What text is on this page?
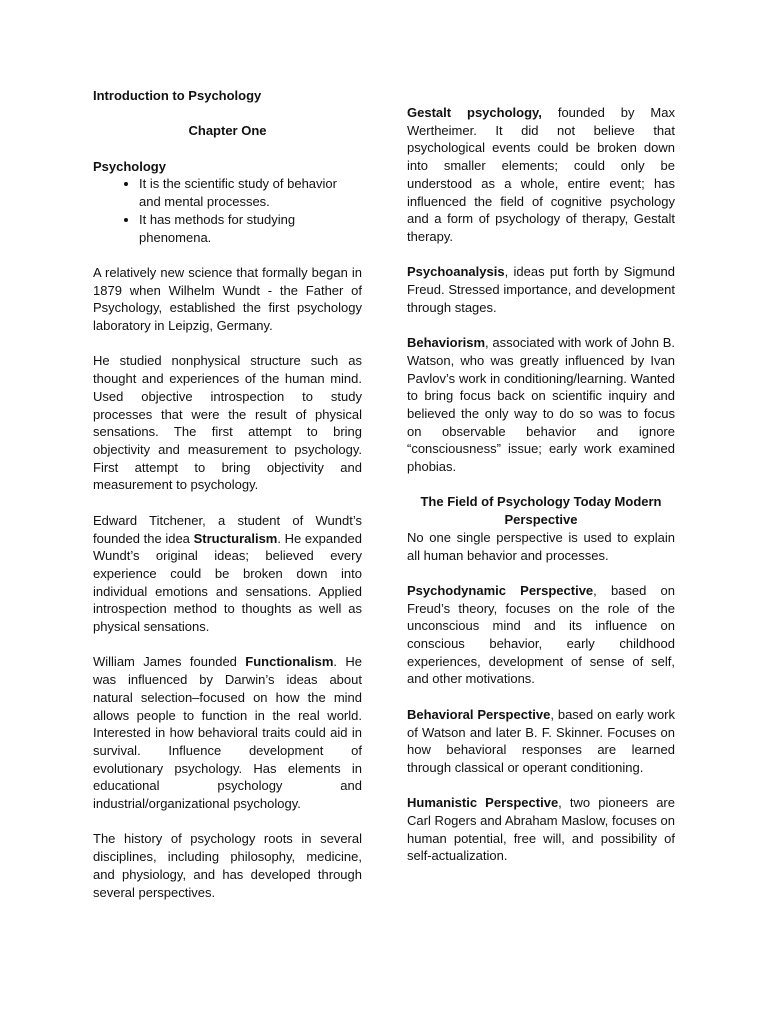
Introduction to Psychology
Chapter One
Psychology
• It is the scientific study of behavior and mental processes.
• It has methods for studying phenomena.

A relatively new science that formally began in 1879 when Wilhelm Wundt - the Father of Psychology, established the first psychology laboratory in Leipzig, Germany.

He studied nonphysical structure such as thought and experiences of the human mind. Used objective introspection to study processes that were the result of physical sensations. The first attempt to bring objectivity and measurement to psychology. First attempt to bring objectivity and measurement to psychology.

Edward Titchener, a student of Wundt’s founded the idea Structuralism. He expanded Wundt’s original ideas; believed every experience could be broken down into individual emotions and sensations. Applied introspection method to thoughts as well as physical sensations.

William James founded Functionalism. He was influenced by Darwin’s ideas about natural selection–focused on how the mind allows people to function in the real world. Interested in how behavioral traits could aid in survival. Influence development of evolutionary psychology. Has elements in educational psychology and industrial/organizational psychology.

The history of psychology roots in several disciplines, including philosophy, medicine, and physiology, and has developed through several perspectives.

Gestalt psychology, founded by Max Wertheimer. It did not believe that psychological events could be broken down into smaller elements; could only be understood as a whole, entire event; has influenced the field of cognitive psychology and a form of psychology of therapy, Gestalt therapy.

Psychoanalysis, ideas put forth by Sigmund Freud. Stressed importance, and development through stages.

Behaviorism, associated with work of John B. Watson, who was greatly influenced by Ivan Pavlov’s work in conditioning/learning. Wanted to bring focus back on scientific inquiry and believed the only way to do so was to focus on observable behavior and ignore “consciousness” issue; early work examined phobias.

The Field of Psychology Today Modern Perspective

No one single perspective is used to explain all human behavior and processes.

Psychodynamic Perspective, based on Freud’s theory, focuses on the role of the unconscious mind and its influence on conscious behavior, early childhood experiences, development of sense of self, and other motivations.

Behavioral Perspective, based on early work of Watson and later B. F. Skinner. Focuses on how behavioral responses are learned through classical or operant conditioning.

Humanistic Perspective, two pioneers are Carl Rogers and Abraham Maslow, focuses on human potential, free will, and possibility of self-actualization.
